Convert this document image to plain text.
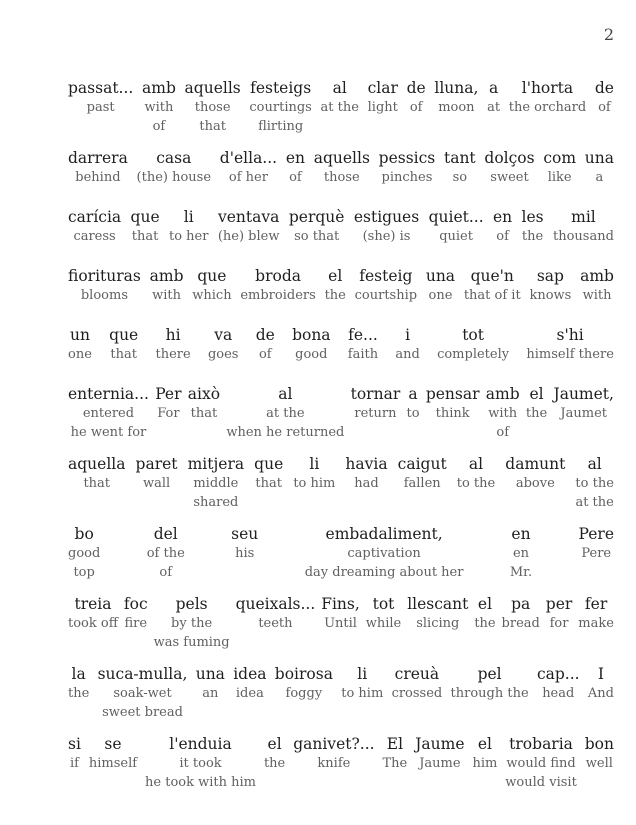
2
passat...
past
amb
with
of
aquells
those
that
festeigs
courtings
flirting
al
at the
clar
light
de
of
lluna,
moon
a
at
l'horta
the orchard
de
of
darrera
behind
casa
(the) house
d'ella...
of her
en
of
aquells
those
pessics
pinches
tant
so
dolços
sweet
com
like
una
a
carícia
caress
que
that
li
to her
ventava
(he) blew
perquè
so that
estigues
(she) is
quiet...
quiet
en
of
les
the
mil
thousand
fiorituras
blooms
amb
with
que
which
broda
embroiders
el
the
festeig
courtship
una
one
que'n
that of it
sap
knows
amb
with
un
one
que
that
hi
there
va
goes
de
of
bona
good
fe...
faith
i
and
tot
completely
s'hi
himself there
enternia...
entered
he went for
Per
For
això
that
al
at the
when he returned
tornar
return
a
to
pensar
think
amb
with
of
el
the
Jaumet,
Jaumet
aquella
that
paret
wall
mitjera
middle
shared
que
that
li
to him
havia
had
caigut
fallen
al
to the
damunt
above
al
to the
at the
bo
good
top
del
of the
of
seu
his
embadaliment,
captivation
day dreaming about her
en
en
Mr.
Pere
Pere
treia
took off
foc
fire
pels
by the
was fuming
queixals...
teeth
Fins,
Until
tot
while
llescant
slicing
el
the
pa
bread
per
for
fer
make
la
the
suca-mulla,
soak-wet
sweet bread
una
an
idea
idea
boirosa
foggy
li
to him
creuà
crossed
pel
through the
cap...
head
I
And
si
if
se
himself
l'enduia
it took
he took with him
el
the
ganivet?...
knife
El
The
Jaume
Jaume
el
him
trobaria
would find
would visit
bon
well
